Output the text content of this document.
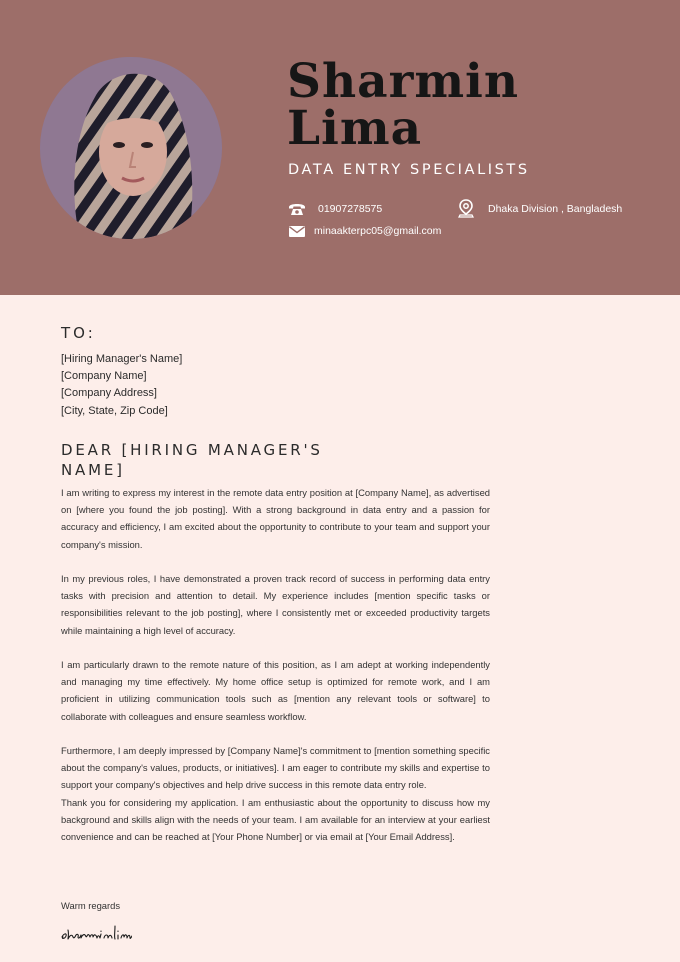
Sharmin
Lima
DATA ENTRY SPECIALISTS
01907278575
minaakterpc05@gmail.com
Dhaka Division , Bangladesh
TO:
[Hiring Manager's Name]
[Company Name]
[Company Address]
[City, State, Zip Code]
DEAR [HIRING MANAGER'S NAME]

I am writing to express my interest in the remote data entry position at [Company Name], as advertised on [where you found the job posting]. With a strong background in data entry and a passion for accuracy and efficiency, I am excited about the opportunity to contribute to your team and support your company's mission.

In my previous roles, I have demonstrated a proven track record of success in performing data entry tasks with precision and attention to detail. My experience includes [mention specific tasks or responsibilities relevant to the job posting], where I consistently met or exceeded productivity targets while maintaining a high level of accuracy.

I am particularly drawn to the remote nature of this position, as I am adept at working independently and managing my time effectively. My home office setup is optimized for remote work, and I am proficient in utilizing communication tools such as [mention any relevant tools or software] to collaborate with colleagues and ensure seamless workflow.

Furthermore, I am deeply impressed by [Company Name]'s commitment to [mention something specific about the company's values, products, or initiatives]. I am eager to contribute my skills and expertise to support your company's objectives and help drive success in this remote data entry role.

Thank you for considering my application. I am enthusiastic about the opportunity to discuss how my background and skills align with the needs of your team. I am available for an interview at your earliest convenience and can be reached at [Your Phone Number] or via email at [Your Email Address].

Warm regards
